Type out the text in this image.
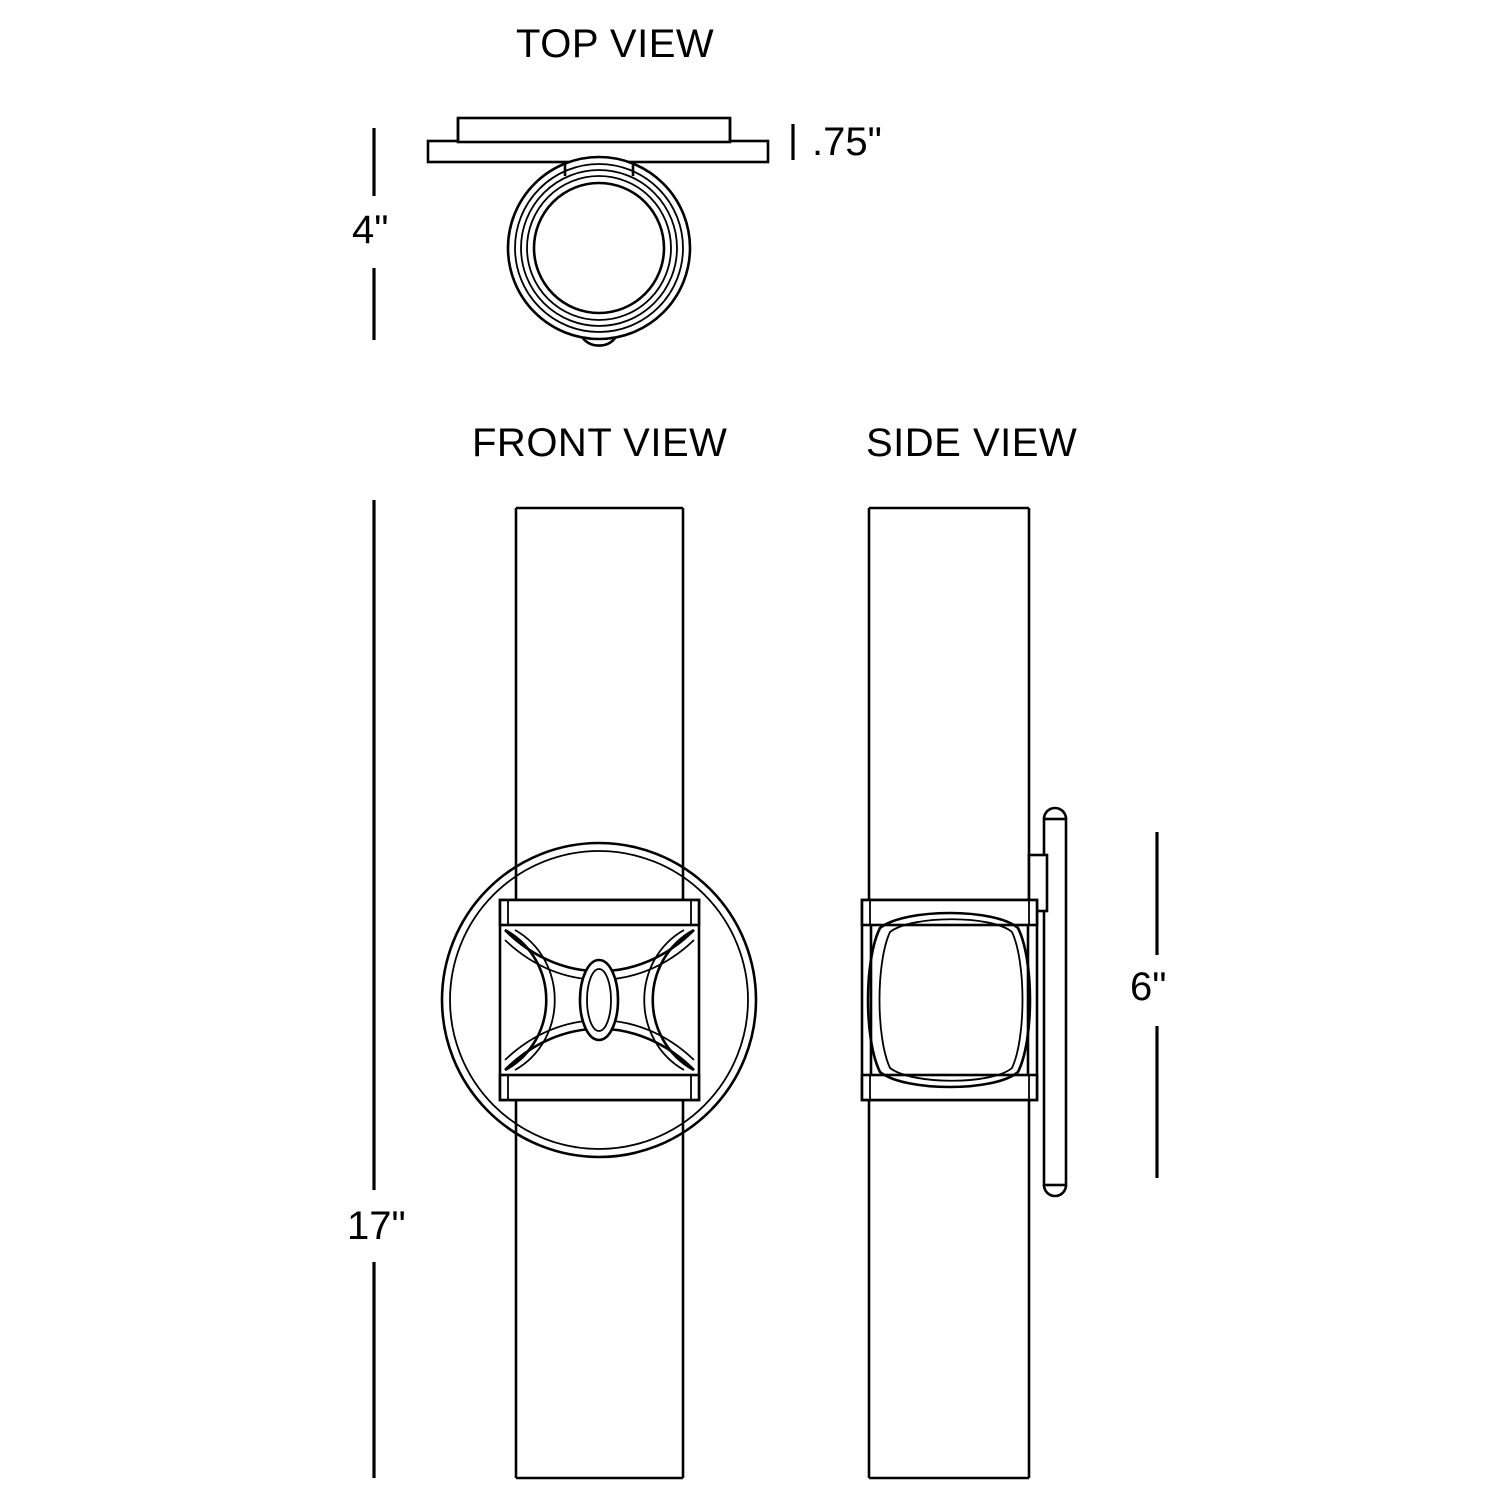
TOP VIEW
FRONT VIEW	SIDE VIEW
4"
.75"
17"
6"
